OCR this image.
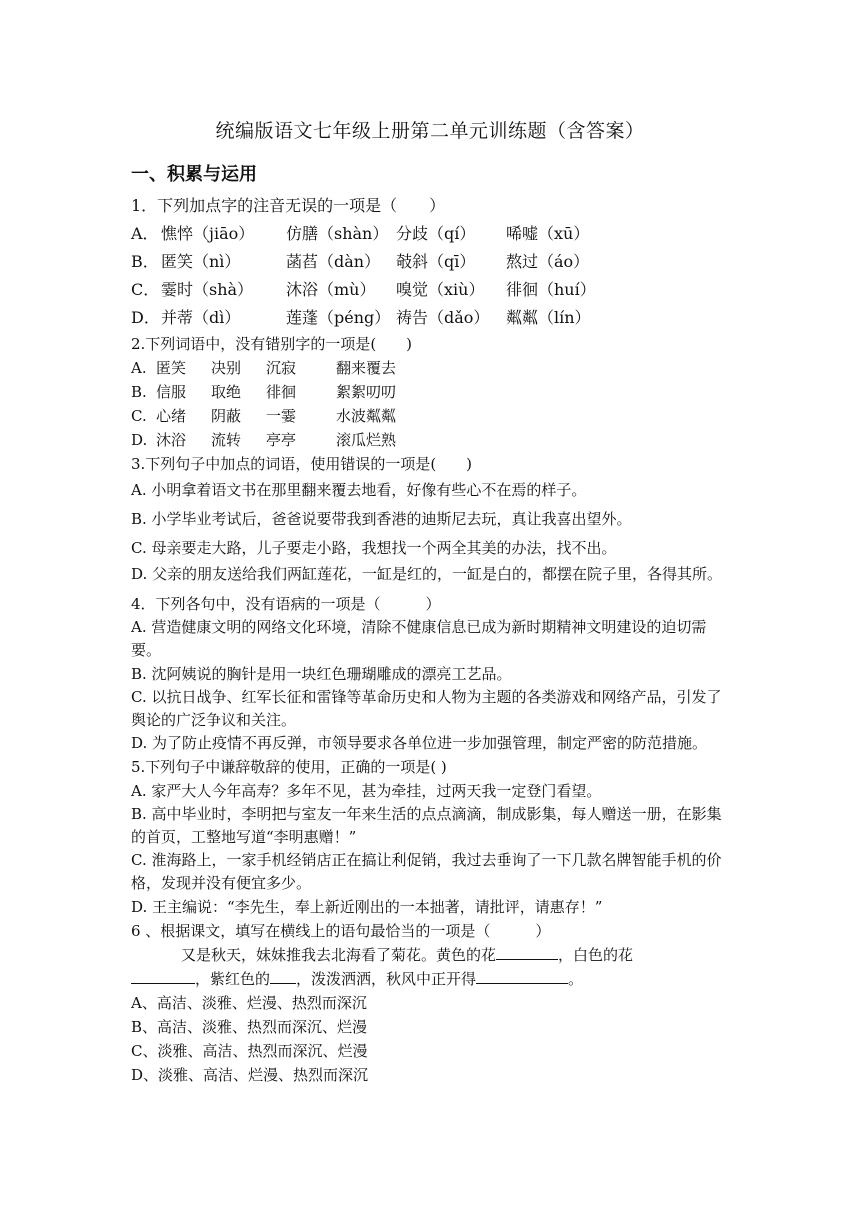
统编版语文七年级上册第二单元训练题（含答案）
一、积累与运用
1．下列加点字的注音无误的一项是（　　）
A． 憔悴（jiāo）	仿膳（shàn） 分歧（qí）	唏嘘（xū）
B． 匿笑（nì）	菡萏（dàn） 攲斜（qī）	熬过（áo）
C． 霎时（shà）	沐浴（mù）	嗅觉（xiù）	徘徊（huí）
D． 并蒂（dì）	莲蓬（péng） 祷告（dǎo）	粼粼（lín）
2.下列词语中，没有错别字的一项是(　　)
A. 匿笑	决别	沉寂	翻来覆去
B. 信服	取绝	徘徊	絮絮叨叨
C. 心绪	阴蔽	一霎	水波粼粼
D. 沐浴	流转	亭亭	滚瓜烂熟
3.下列句子中加点的词语，使用错误的一项是(　　)
A. 小明拿着语文书在那里翻来覆去地看，好像有些心不在焉的样子。
B. 小学毕业考试后，爸爸说要带我到香港的迪斯尼去玩，真让我喜出望外。
C. 母亲要走大路，儿子要走小路，我想找一个两全其美的办法，找不出。
D. 父亲的朋友送给我们两缸莲花，一缸是红的，一缸是白的，都摆在院子里，各得其所。
4．下列各句中，没有语病的一项是（　　　）
A. 营造健康文明的网络文化环境，清除不健康信息已成为新时期精神文明建设的迫切需要。
B. 沈阿姨说的胸针是用一块红色珊瑚雕成的漂亮工艺品。
C. 以抗日战争、红军长征和雷锋等革命历史和人物为主题的各类游戏和网络产品，引发了舆论的广泛争议和关注。
D. 为了防止疫情不再反弹，市领导要求各单位进一步加强管理，制定严密的防范措施。
5.下列句子中谦辞敬辞的使用，正确的一项是( )
A. 家严大人今年高寿？多年不见，甚为牵挂，过两天我一定登门看望。
B. 高中毕业时，李明把与室友一年来生活的点点滴滴，制成影集，每人赠送一册，在影集的首页，工整地写道“李明惠赠！”
C. 淮海路上，一家手机经销店正在搞让利促销，我过去垂询了一下几款名牌智能手机的价格，发现并没有便宜多少。
D. 王主编说：“李先生，奉上新近刚出的一本拙著，请批评，请惠存！”
6 、根据课文，填写在横线上的语句最恰当的一项是（　　　）
又是秋天，妹妹推我去北海看了菊花。黄色的花	，白色的花
，紫红色的 ，泼泼洒洒，秋风中正开得	。
A、高洁、淡雅、烂漫、热烈而深沉
B、高洁、淡雅、热烈而深沉、烂漫
C、淡雅、高洁、热烈而深沉、烂漫
D、淡雅、高洁、烂漫、热烈而深沉
